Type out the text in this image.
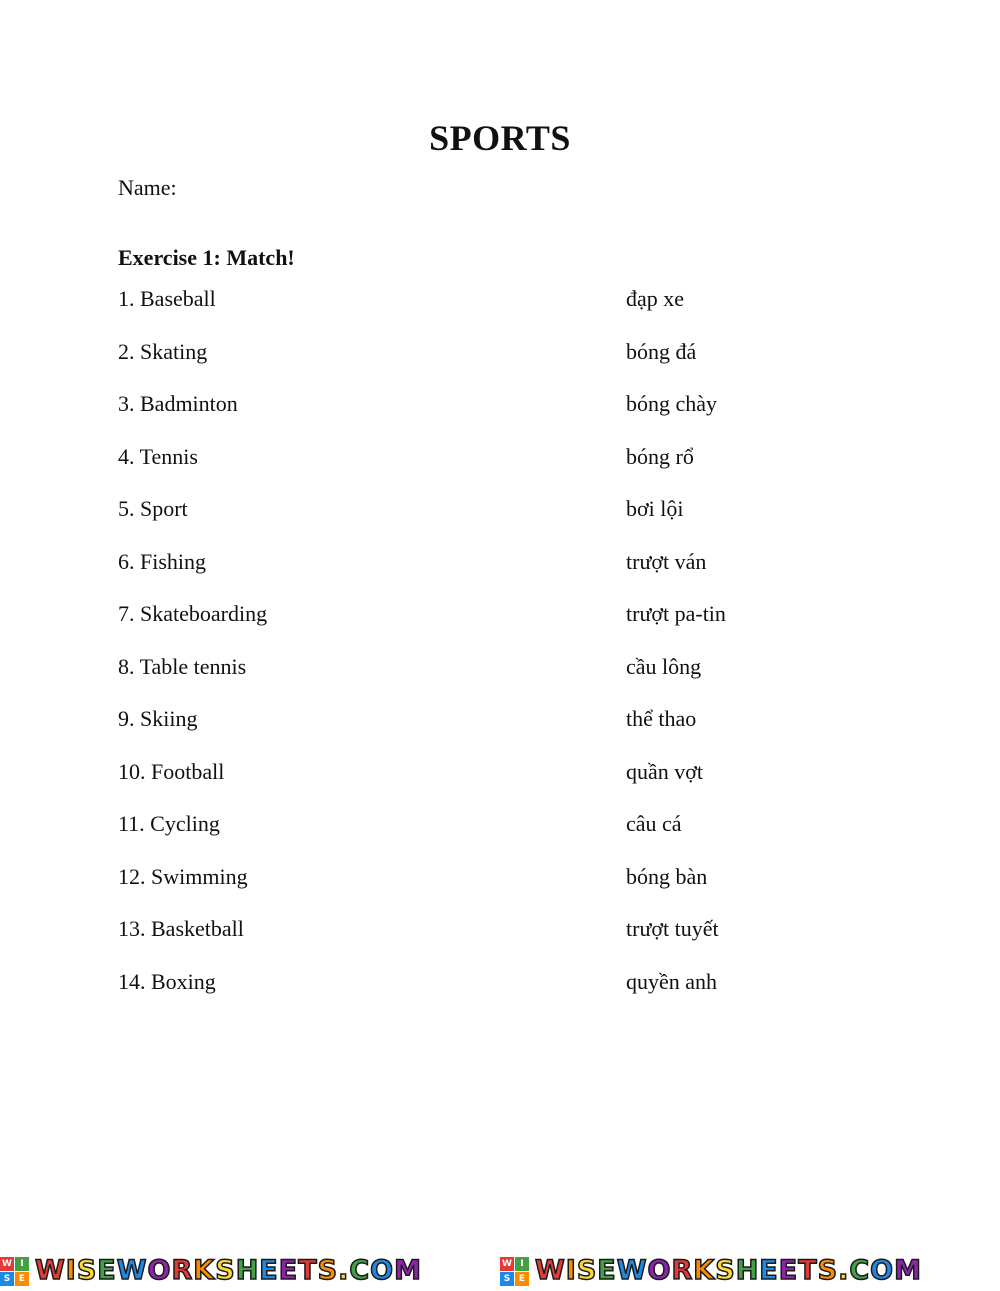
SPORTS
Name:
Exercise 1: Match!
1. Baseball	đạp xe
2. Skating	bóng đá
3. Badminton	bóng chày
4. Tennis	bóng rổ
5. Sport	bơi lội
6. Fishing	trượt ván
7. Skateboarding	trượt pa-tin
8. Table tennis	cầu lông
9. Skiing	thể thao
10. Football	quần vợt
11. Cycling	câu cá
12. Swimming	bóng bàn
13. Basketball	trượt tuyết
14. Boxing	quyền anh
W I
S E WISEWORKSHEETS.COM	W I
S E WISEWORKSHEETS.COM
